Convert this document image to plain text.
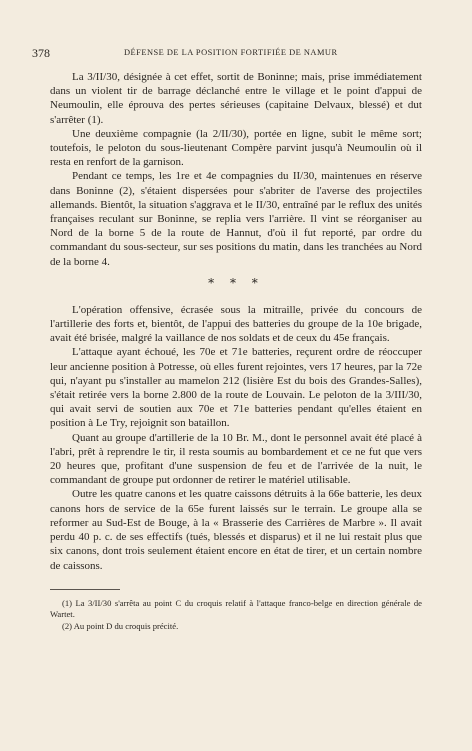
378	DÉFENSE DE LA POSITION FORTIFIÉE DE NAMUR

La 3/II/30, désignée à cet effet, sortit de Boninne; mais, prise immédiatement dans un violent tir de barrage déclanché entre le village et le point d'appui de Neumoulin, elle éprouva des pertes sérieuses (capitaine Delvaux, blessé) et dut s'arrêter (1).

Une deuxième compagnie (la 2/II/30), portée en ligne, subit le même sort; toutefois, le peloton du sous-lieutenant Compère parvint jusqu'à Neumoulin où il resta en renfort de la garnison.

Pendant ce temps, les 1re et 4e compagnies du II/30, maintenues en réserve dans Boninne (2), s'étaient dispersées pour s'abriter de l'averse des projectiles allemands. Bientôt, la situation s'aggrava et le II/30, entraîné par le reflux des unités françaises reculant sur Boninne, se replia vers l'arrière. Il vint se réorganiser au Nord de la borne 5 de la route de Hannut, d'où il fut reporté, par ordre du commandant du sous-secteur, sur ses positions du matin, dans les tranchées au Nord de la borne 4.

* * *

L'opération offensive, écrasée sous la mitraille, privée du concours de l'artillerie des forts et, bientôt, de l'appui des batteries du groupe de la 10e brigade, avait été brisée, malgré la vaillance de nos soldats et de ceux du 45e français.

L'attaque ayant échoué, les 70e et 71e batteries, reçurent ordre de réoccuper leur ancienne position à Potresse, où elles furent rejointes, vers 17 heures, par la 72e qui, n'ayant pu s'installer au mamelon 212 (lisière Est du bois des Grandes-Salles), s'était retirée vers la borne 2.800 de la route de Louvain. Le peloton de la 3/III/30, qui avait servi de soutien aux 70e et 71e batteries pendant qu'elles étaient en position à Le Try, rejoignit son bataillon.

Quant au groupe d'artillerie de la 10 Br. M., dont le personnel avait été placé à l'abri, prêt à reprendre le tir, il resta soumis au bombardement et ce ne fut que vers 20 heures que, profitant d'une suspension de feu et de l'arrivée de la nuit, le commandant de groupe put ordonner de retirer le matériel utilisable.

Outre les quatre canons et les quatre caissons détruits à la 66e batterie, les deux canons hors de service de la 65e furent laissés sur le terrain. Le groupe alla se reformer au Sud-Est de Bouge, à la « Brasserie des Carrières de Marbre ». Il avait perdu 40 p. c. de ses effectifs (tués, blessés et disparus) et il ne lui restait plus que six canons, dont trois seulement étaient encore en état de tirer, et un certain nombre de caissons.

(1) La 3/II/30 s'arrêta au point C du croquis relatif à l'attaque franco-belge en direction générale de Wartet.

(2) Au point D du croquis précité.
